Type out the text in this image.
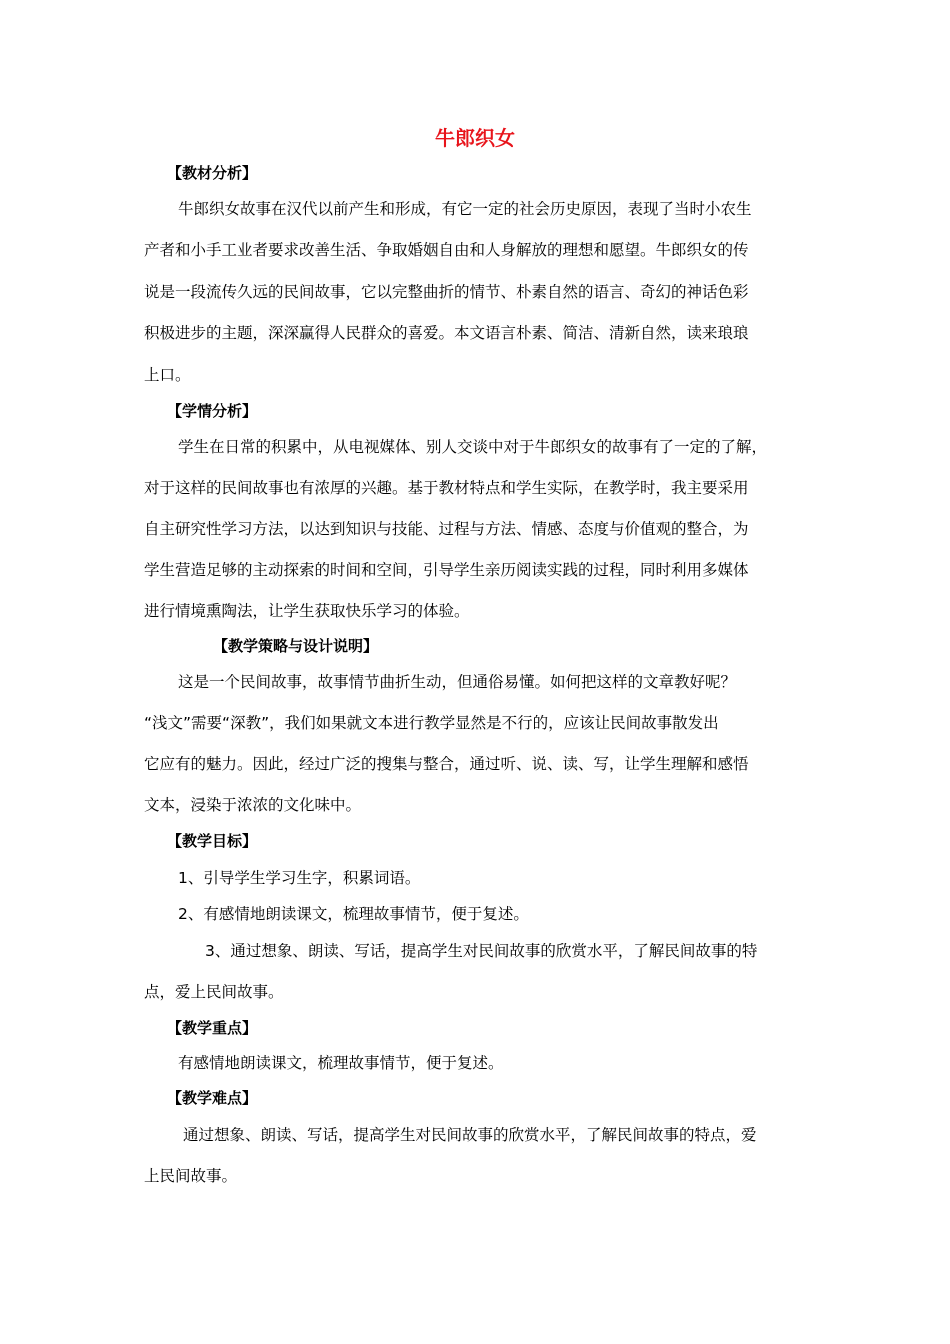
牛郎织女
【教材分析】
牛郎织女故事在汉代以前产生和形成，有它一定的社会历史原因，表现了当时小农生
产者和小手工业者要求改善生活、争取婚姻自由和人身解放的理想和愿望。牛郎织女的传
说是一段流传久远的民间故事，它以完整曲折的情节、朴素自然的语言、奇幻的神话色彩
积极进步的主题，深深赢得人民群众的喜爱。本文语言朴素、简洁、清新自然，读来琅琅
上口。
【学情分析】
学生在日常的积累中，从电视媒体、别人交谈中对于牛郎织女的故事有了一定的了解，
对于这样的民间故事也有浓厚的兴趣。基于教材特点和学生实际，在教学时，我主要采用
自主研究性学习方法，以达到知识与技能、过程与方法、情感、态度与价值观的整合，为
学生营造足够的主动探索的时间和空间，引导学生亲历阅读实践的过程，同时利用多媒体
进行情境熏陶法，让学生获取快乐学习的体验。
【教学策略与设计说明】
这是一个民间故事，故事情节曲折生动，但通俗易懂。如何把这样的文章教好呢？
“浅文”需要“深教”，我们如果就文本进行教学显然是不行的，应该让民间故事散发出
它应有的魅力。因此，经过广泛的搜集与整合，通过听、说、读、写，让学生理解和感悟
文本，浸染于浓浓的文化味中。
【教学目标】
1、引导学生学习生字，积累词语。
2、有感情地朗读课文，梳理故事情节，便于复述。
3、通过想象、朗读、写话，提高学生对民间故事的欣赏水平，了解民间故事的特
点，爱上民间故事。
【教学重点】
有感情地朗读课文，梳理故事情节，便于复述。
【教学难点】
通过想象、朗读、写话，提高学生对民间故事的欣赏水平，了解民间故事的特点，爱
上民间故事。
